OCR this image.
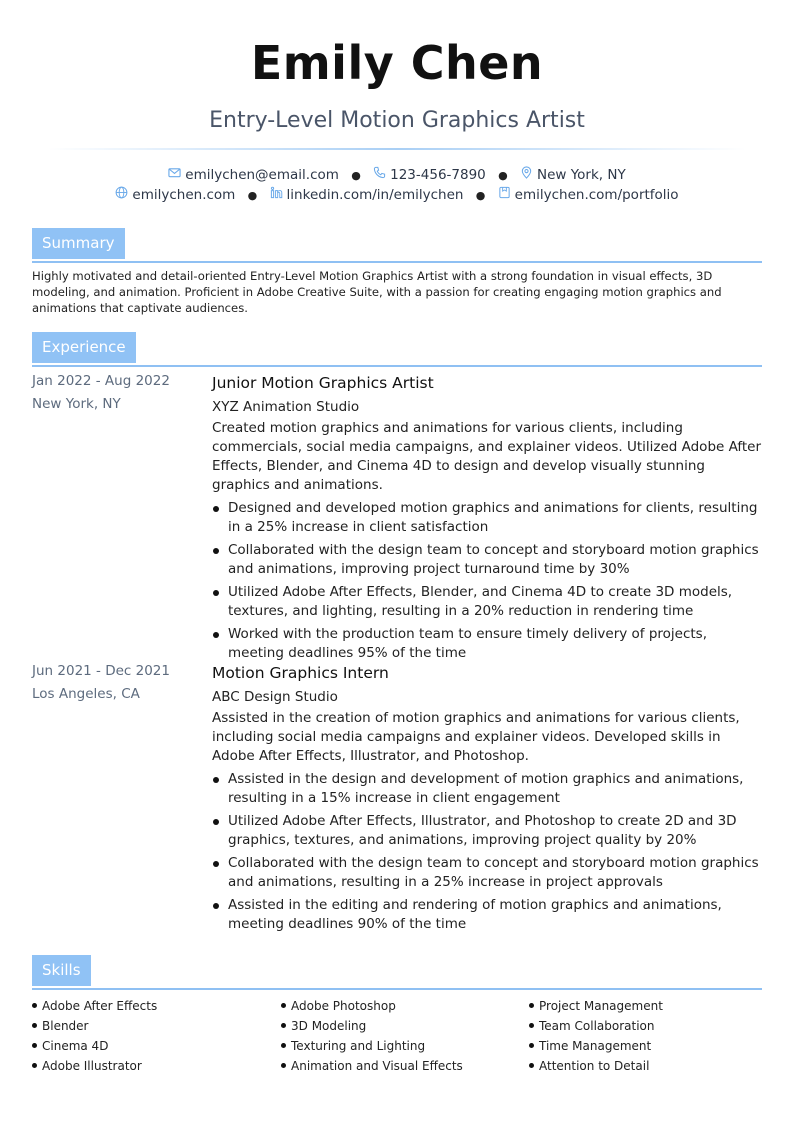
Emily Chen
Entry-Level Motion Graphics Artist
emilychen@email.com ● 123-456-7890 ● New York, NY
emilychen.com ● linkedin.com/in/emilychen ● emilychen.com/portfolio
Summary
Highly motivated and detail-oriented Entry-Level Motion Graphics Artist with a strong foundation in visual effects, 3D modeling, and animation. Proficient in Adobe Creative Suite, with a passion for creating engaging motion graphics and animations that captivate audiences.
Experience
Jan 2022 - Aug 2022
New York, NY
Junior Motion Graphics Artist
XYZ Animation Studio
Created motion graphics and animations for various clients, including commercials, social media campaigns, and explainer videos. Utilized Adobe After Effects, Blender, and Cinema 4D to design and develop visually stunning graphics and animations.
Designed and developed motion graphics and animations for clients, resulting in a 25% increase in client satisfaction
Collaborated with the design team to concept and storyboard motion graphics and animations, improving project turnaround time by 30%
Utilized Adobe After Effects, Blender, and Cinema 4D to create 3D models, textures, and lighting, resulting in a 20% reduction in rendering time
Worked with the production team to ensure timely delivery of projects, meeting deadlines 95% of the time
Jun 2021 - Dec 2021
Los Angeles, CA
Motion Graphics Intern
ABC Design Studio
Assisted in the creation of motion graphics and animations for various clients, including social media campaigns and explainer videos. Developed skills in Adobe After Effects, Illustrator, and Photoshop.
Assisted in the design and development of motion graphics and animations, resulting in a 15% increase in client engagement
Utilized Adobe After Effects, Illustrator, and Photoshop to create 2D and 3D graphics, textures, and animations, improving project quality by 20%
Collaborated with the design team to concept and storyboard motion graphics and animations, resulting in a 25% increase in project approvals
Assisted in the editing and rendering of motion graphics and animations, meeting deadlines 90% of the time
Skills
Adobe After Effects
Blender
Cinema 4D
Adobe Illustrator
Adobe Photoshop
3D Modeling
Texturing and Lighting
Animation and Visual Effects
Project Management
Team Collaboration
Time Management
Attention to Detail
